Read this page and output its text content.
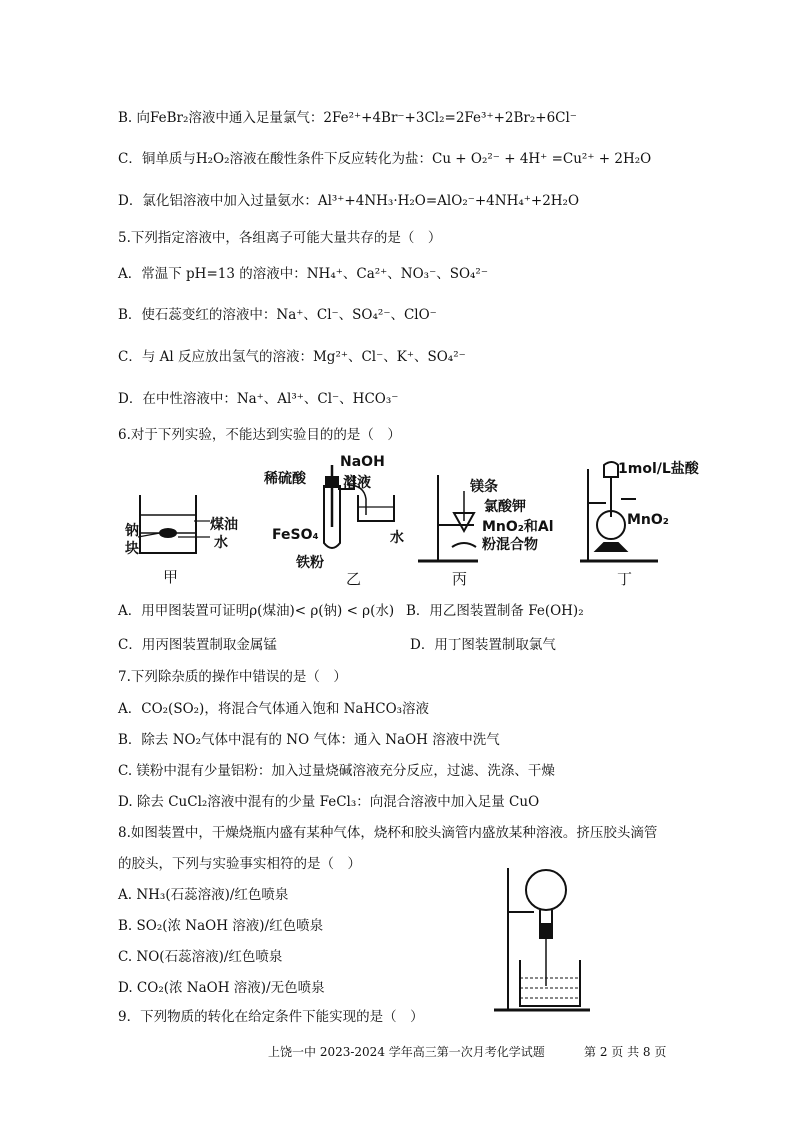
B. 向FeBr₂溶液中通入足量氯气：2Fe²⁺+4Br⁻+3Cl₂=2Fe³⁺+2Br₂+6Cl⁻
C．铜单质与H₂O₂溶液在酸性条件下反应转化为盐：Cu + O₂²⁻ + 4H⁺ =Cu²⁺ + 2H₂O
D．氯化铝溶液中加入过量氨水：Al³⁺+4NH₃·H₂O=AlO₂⁻+4NH₄⁺+2H₂O
5.下列指定溶液中，各组离子可能大量共存的是（　）
A．常温下 pH=13 的溶液中：NH₄⁺、Ca²⁺、NO₃⁻、SO₄²⁻
B．使石蕊变红的溶液中：Na⁺、Cl⁻、SO₄²⁻、ClO⁻
C．与 Al 反应放出氢气的溶液：Mg²⁺、Cl⁻、K⁺、SO₄²⁻
D．在中性溶液中：Na⁺、Al³⁺、Cl⁻、HCO₃⁻
6.对于下列实验，不能达到实验目的的是（　）
钠
块
煤油
水
甲
稀硫酸
NaOH
溶液
FeSO₄
铁粉
水
乙
镁条
氯酸钾
MnO₂和Al
粉混合物
丙
1mol/L盐酸
MnO₂
丁
A．用甲图装置可证明ρ(煤油)< ρ(钠) < ρ(水) B．用乙图装置制备 Fe(OH)₂
C．用丙图装置制取金属锰	D．用丁图装置制取氯气
7.下列除杂质的操作中错误的是（　）
A．CO₂(SO₂)，将混合气体通入饱和 NaHCO₃溶液
B．除去 NO₂气体中混有的 NO 气体：通入 NaOH 溶液中洗气
C. 镁粉中混有少量铝粉：加入过量烧碱溶液充分反应，过滤、洗涤、干燥
D. 除去 CuCl₂溶液中混有的少量 FeCl₃：向混合溶液中加入足量 CuO
8.如图装置中，干燥烧瓶内盛有某种气体，烧杯和胶头滴管内盛放某种溶液。挤压胶头滴管
的胶头，下列与实验事实相符的是（　）
A. NH₃(石蕊溶液)/红色喷泉
B. SO₂(浓 NaOH 溶液)/红色喷泉
C. NO(石蕊溶液)/红色喷泉
D. CO₂(浓 NaOH 溶液)/无色喷泉
9．下列物质的转化在给定条件下能实现的是（　）
上饶一中 2023-2024 学年高三第一次月考化学试题	第 2 页 共 8 页
